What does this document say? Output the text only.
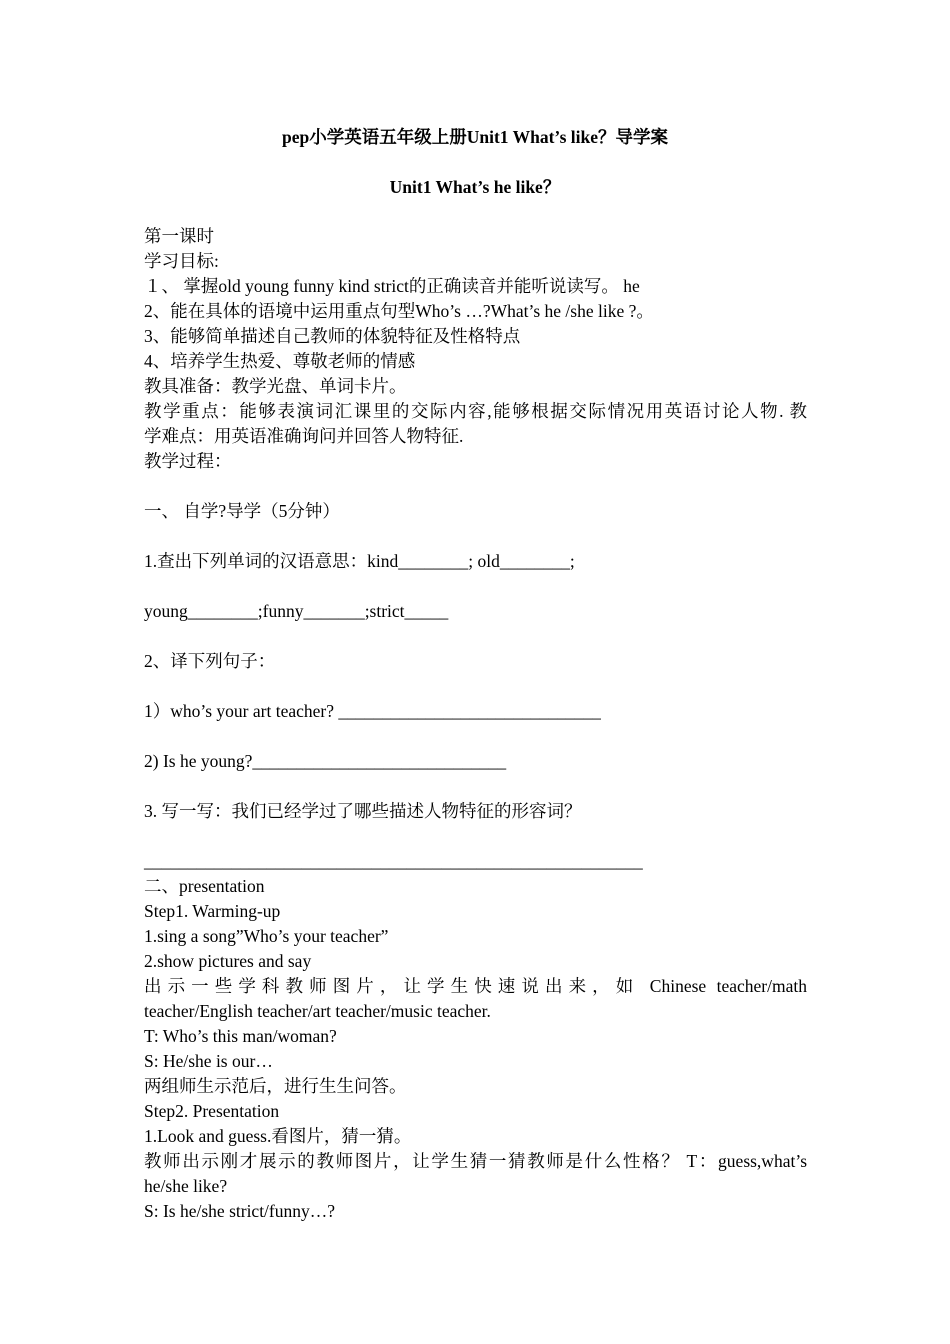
pep小学英语五年级上册Unit1 What’s like？导学案
Unit1 What’s he like？
第一课时
学习目标:
１、 掌握old young funny kind strict的正确读音并能听说读写。 he
2、能在具体的语境中运用重点句型Who’s …?What’s he /she like ?。
3、能够简单描述自己教师的体貌特征及性格特点
4、培养学生热爱、尊敬老师的情感
教具准备：教学光盘、单词卡片。
教学重点：能够表演词汇课里的交际内容,能够根据交际情况用英语讨论人物. 教
学难点：用英语准确询问并回答人物特征.
教学过程：
一、 自学?导学（5分钟）
1.查出下列单词的汉语意思：kind________; old________;
young________;funny_______;strict_____
2、译下列句子：
1）who’s your art teacher? ______________________________
2) Is he young?_____________________________
3. 写一写：我们已经学过了哪些描述人物特征的形容词？
_________________________________________________________
二、presentation
Step1. Warming-up
1.sing a song”Who’s your teacher”
2.show pictures and say
出示一些学科教师图片，让学生快速说出来，如 Chinese teacher/math
teacher/English teacher/art teacher/music teacher.
T: Who’s this man/woman?
S: He/she is our…
两组师生示范后，进行生生问答。
Step2. Presentation
1.Look and guess.看图片，猜一猜。
教师出示刚才展示的教师图片，让学生猜一猜教师是什么性格？ T：guess,what’s
he/she like?
S: Is he/she strict/funny…?
